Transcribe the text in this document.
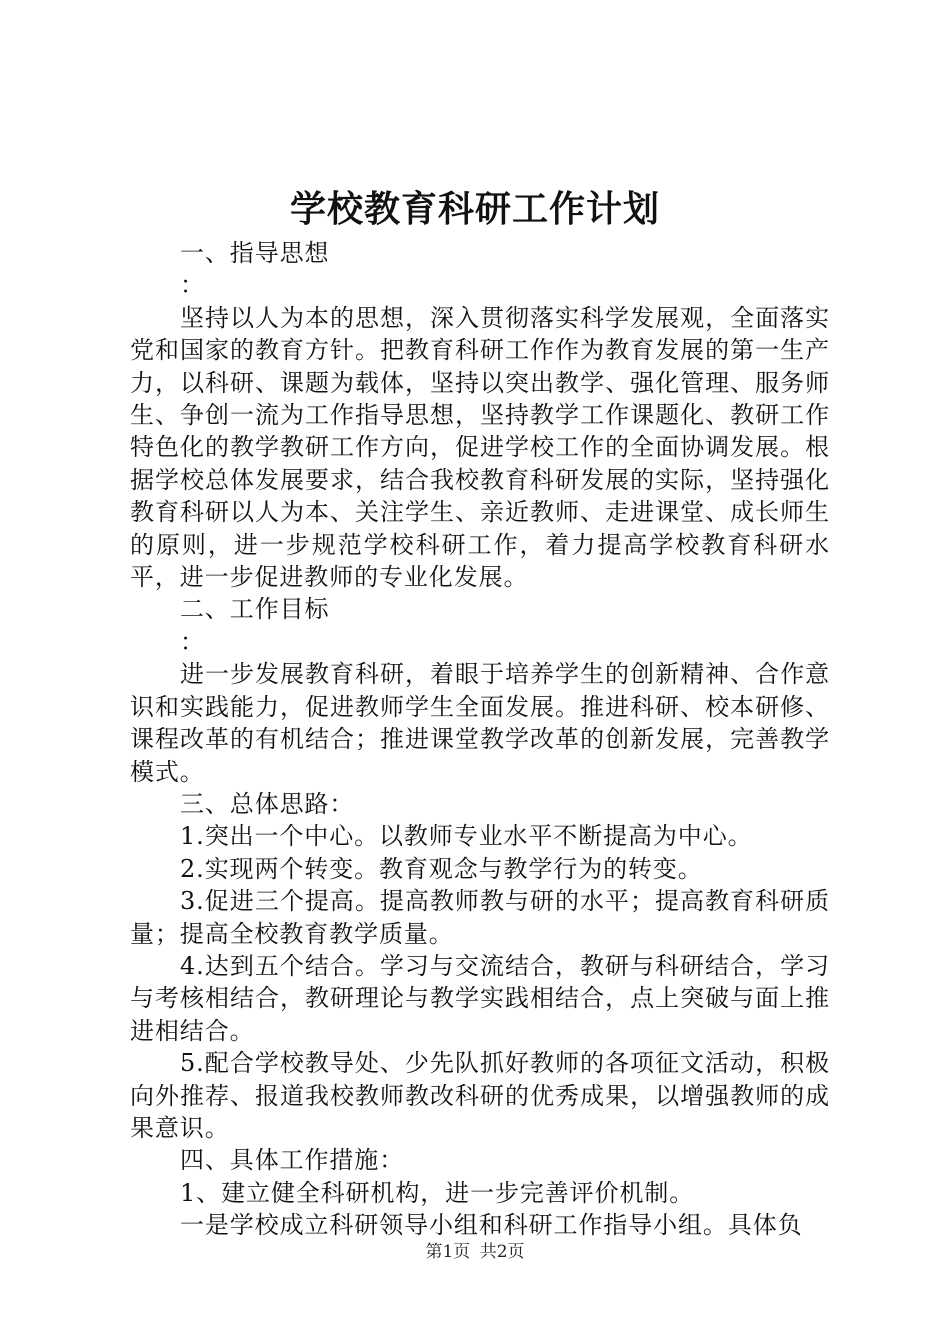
学校教育科研工作计划

一、指导思想

：

坚持以人为本的思想，深入贯彻落实科学发展观，全面落实党和国家的教育方针。把教育科研工作作为教育发展的第一生产力，以科研、课题为载体，坚持以突出教学、强化管理、服务师生、争创一流为工作指导思想，坚持教学工作课题化、教研工作特色化的教学教研工作方向，促进学校工作的全面协调发展。根据学校总体发展要求，结合我校教育科研发展的实际，坚持强化教育科研以人为本、关注学生、亲近教师、走进课堂、成长师生的原则，进一步规范学校科研工作，着力提高学校教育科研水平，进一步促进教师的专业化发展。

二、工作目标

：

进一步发展教育科研，着眼于培养学生的创新精神、合作意识和实践能力，促进教师学生全面发展。推进科研、校本研修、课程改革的有机结合；推进课堂教学改革的创新发展，完善教学模式。

三、总体思路：

1.突出一个中心。以教师专业水平不断提高为中心。

2.实现两个转变。教育观念与教学行为的转变。

3.促进三个提高。提高教师教与研的水平；提高教育科研质量；提高全校教育教学质量。

4.达到五个结合。学习与交流结合，教研与科研结合，学习与考核相结合，教研理论与教学实践相结合，点上突破与面上推进相结合。

5.配合学校教导处、少先队抓好教师的各项征文活动，积极向外推荐、报道我校教师教改科研的优秀成果，以增强教师的成果意识。

四、具体工作措施：

1、建立健全科研机构，进一步完善评价机制。

一是学校成立科研领导小组和科研工作指导小组。具体负

第1页 共2页
